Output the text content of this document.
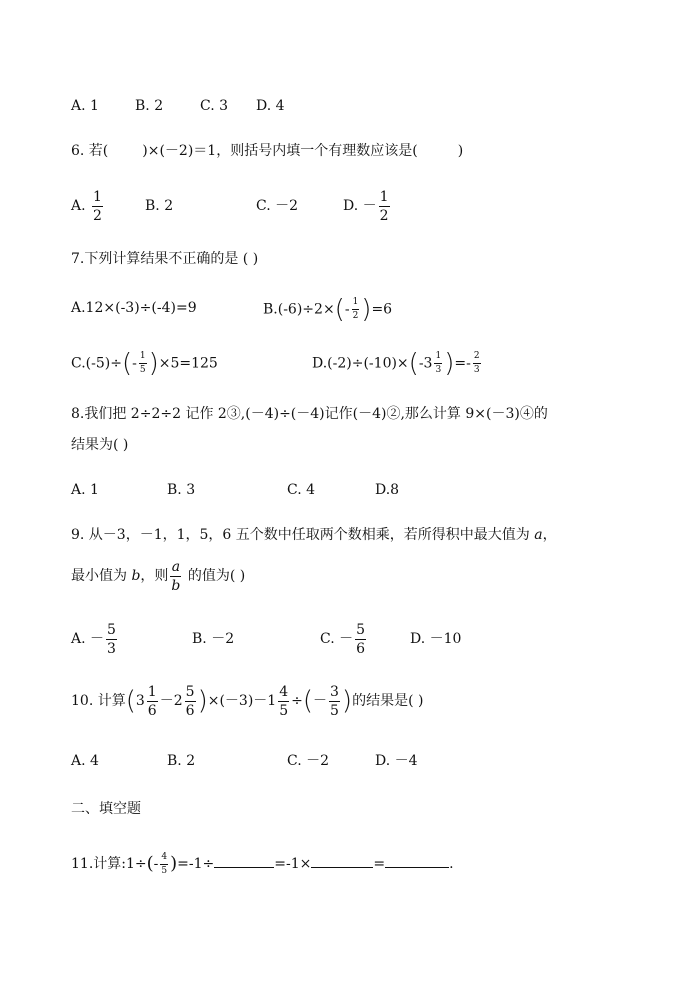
A. 1	B. 2	C. 3 D. 4
6. 若( )×(－2)＝1，则括号内填一个有理数应该是(	)
A. $\frac{1}{2}$	B. 2	C. －2	D. － $\frac{1}{2}$
7.下列计算结果不正确的是 ( )
A.12×(-3)÷(-4)=9	$B.(-6)\div 2\times(- \frac{1}{2} )=6$
$C.(-5)\div(- \frac{1}{5} )\times 5=125$	$D.(-2)\div(-10)\times(-3 \frac{1}{3}$ )=- $\frac{2}{3}$
8.我们把 2÷2÷2 记作 2③,(－4)÷(－4)记作(－4)②,那么计算 9×(－3)④的
结果为( )
A. 1	B. 3	C. 4	D.8
9. 从－3，－1，1，5，6 五个数中任取两个数相乘，若所得积中最大值为 a，
最小值为 b，则 $\frac{a}{b}$ 的值为( )
A. － $\frac{5}{3}$	B. －2	C. － $\frac{5}{6}$	D. －10
10. 计算$(3 \frac{1}{6} -2 \frac{5}{6} )\times(-3)-1 \frac{4}{5}$ ÷(－ $\frac{3}{5}$ )的结果是( )
A. 4	B. 2	C. －2	D. －4
二、填空题
11.计算:1÷(- $\frac{4}{5} )=-1\div$	=-1×	=	.
